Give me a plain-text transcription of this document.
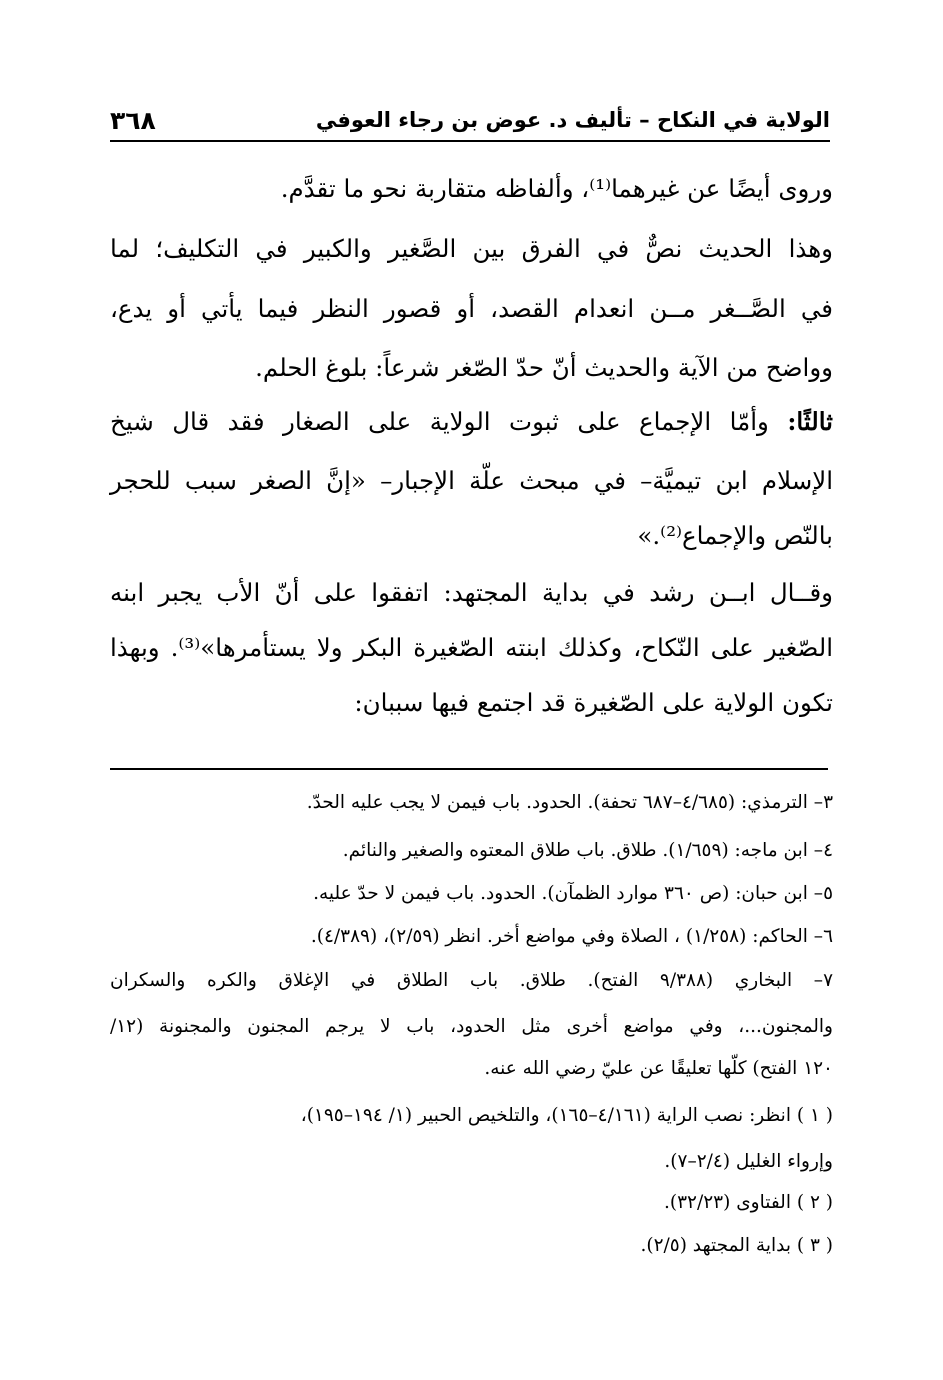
الولاية في النكاح – تأليف د. عوض بن رجاء العوفي
٣٦٨
وروى أيضًا عن غيرهما⁽¹⁾، وألفاظه متقاربة نحو ما تقدَّم.
وهذا الحديث نصٌّ في الفرق بين الصَّغير والكبير في التكليف؛ لما
في الصَّــغر مــن انعدام القصد، أو قصور النظر فيما يأتي أو يدع،
وواضح من الآية والحديث أنّ حدّ الصّغر شرعاً: بلوغ الحلم.
ثالثًا: وأمّا الإجماع على ثبوت الولاية على الصغار فقد قال شيخ
الإسلام ابن تيميَّة– في مبحث علّة الإجبار– «إنَّ الصغر سبب للحجر
بالنّص والإجماع⁽²⁾.»
وقــال ابــن رشد في بداية المجتهد: اتفقوا على أنّ الأب يجبر ابنه
الصّغير على النّكاح، وكذلك ابنته الصّغيرة البكر ولا يستأمرها»⁽³⁾. وبهذا
تكون الولاية على الصّغيرة قد اجتمع فيها سببان:
٣– الترمذي: (٤/٦٨٥–٦٨٧ تحفة). الحدود. باب فيمن لا يجب عليه الحدّ.
٤– ابن ماجه: (١/٦٥٩). طلاق. باب طلاق المعتوه والصغير والنائم.
٥– ابن حبان: (ص ٣٦٠ موارد الظمآن). الحدود. باب فيمن لا حدّ عليه.
٦– الحاكم: (١/٢٥٨) ، الصلاة وفي مواضع أخر. انظر (٢/٥٩)، (٤/٣٨٩).
٧– البخاري (٩/٣٨٨ الفتح). طلاق. باب الطلاق في الإغلاق والكره والسكران
والمجنون...، وفي مواضع أخرى مثل الحدود، باب لا يرجم المجنون والمجنونة (١٢/
١٢٠ الفتح) كلّها تعليقًا عن عليّ رضي الله عنه.
( ١ ) انظر: نصب الراية (٤/١٦١–١٦٥)، والتلخيص الحبير (١/ ١٩٤–١٩٥)،
وإرواء الغليل (٢/٤–٧).
( ٢ ) الفتاوى (٣٢/٢٣).
( ٣ ) بداية المجتهد (٢/٥).
